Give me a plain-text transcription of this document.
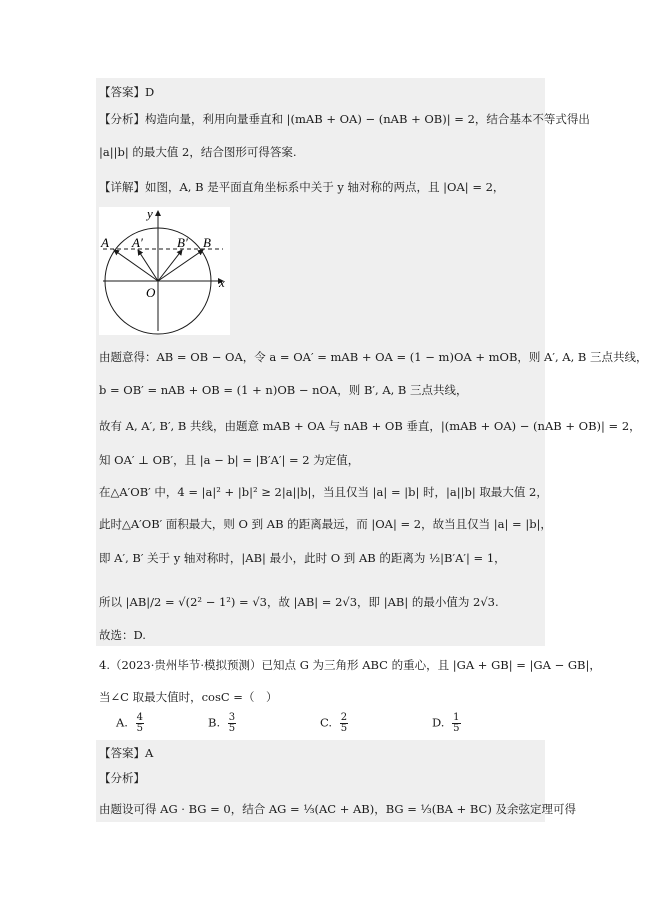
【答案】D
【分析】构造向量，利用向量垂直和 |(mAB + OA) − (nAB + OB)| = 2，结合基本不等式得出
|a||b| 的最大值 2，结合图形可得答案.
【详解】如图，A, B 是平面直角坐标系中关于 y 轴对称的两点，且 |OA| = 2，
y
x
O
A A′	B′ B
由题意得：AB = OB − OA，令 a = OA′ = mAB + OA = (1 − m)OA + mOB，则 A′, A, B 三点共线，
b = OB′ = nAB + OB = (1 + n)OB − nOA，则 B′, A, B 三点共线，
故有 A, A′, B′, B 共线，由题意 mAB + OA 与 nAB + OB 垂直，|(mAB + OA) − (nAB + OB)| = 2，
知 OA′ ⊥ OB′，且 |a − b| = |B′A′| = 2 为定值，
在△A′OB′ 中，4 = |a|² + |b|² ≥ 2|a||b|，当且仅当 |a| = |b| 时，|a||b| 取最大值 2，
此时△A′OB′ 面积最大，则 O 到 AB 的距离最远，而 |OA| = 2，故当且仅当 |a| = |b|，
即 A′, B′ 关于 y 轴对称时，|AB| 最小，此时 O 到 AB 的距离为 ½|B′A′| = 1，
所以 |AB|/2 = √(2² − 1²) = √3，故 |AB| = 2√3，即 |AB| 的最小值为 2√3.
故选：D.
4.（2023·贵州毕节·模拟预测）已知点 G 为三角形 ABC 的重心，且 |GA + GB| = |GA − GB|，
当∠C 取最大值时，cosC =（　）
A. $\frac{4}{5}$	B. $\frac{3}{5}$	C. $\frac{2}{5}$	D. $\frac{1}{5}$
【答案】A
【分析】
由题设可得 AG · BG = 0，结合 AG = ⅓(AC + AB)，BG = ⅓(BA + BC) 及余弦定理可得
